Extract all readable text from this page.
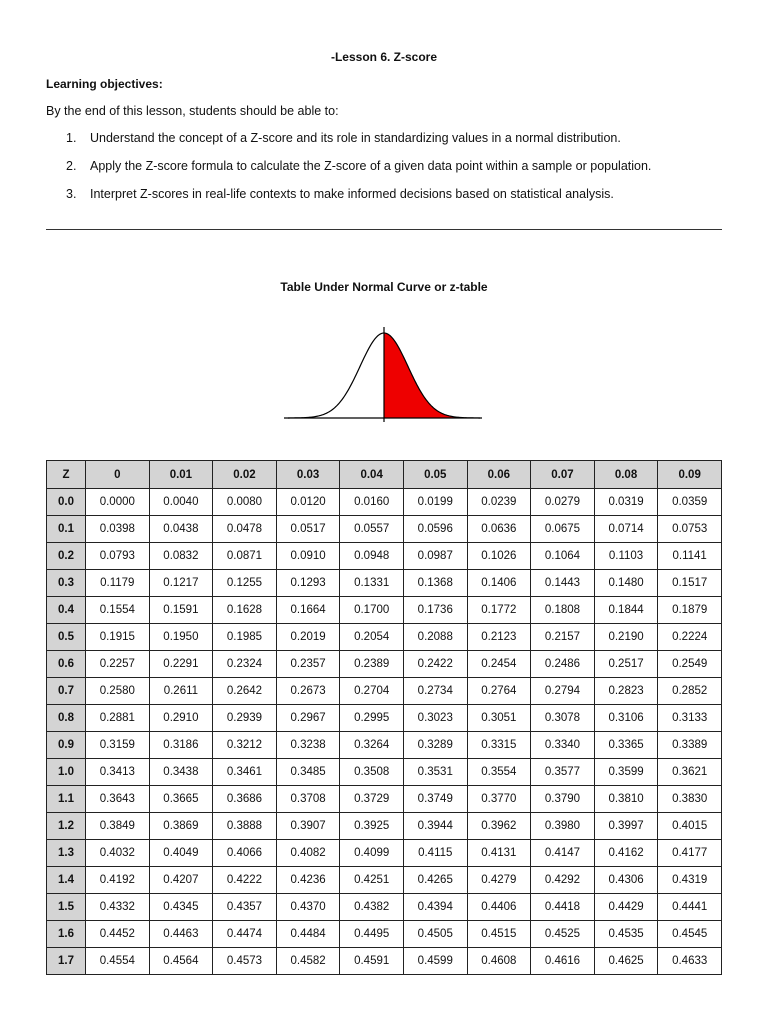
-Lesson 6. Z-score
Learning objectives:
By the end of this lesson, students should be able to:
1.	Understand the concept of a Z-score and its role in standardizing values in a normal distribution.
2.	Apply the Z-score formula to calculate the Z-score of a given data point within a sample or population.
3.	Interpret Z-scores in real-life contexts to make informed decisions based on statistical analysis.
Table Under Normal Curve or z-table
Z	0	0.01	0.02	0.03	0.04	0.05	0.06	0.07	0.08	0.09
0.0	0.0000	0.0040	0.0080	0.0120	0.0160	0.0199	0.0239	0.0279	0.0319	0.0359
0.1	0.0398	0.0438	0.0478	0.0517	0.0557	0.0596	0.0636	0.0675	0.0714	0.0753
0.2	0.0793	0.0832	0.0871	0.0910	0.0948	0.0987	0.1026	0.1064	0.1103	0.1141
0.3	0.1179	0.1217	0.1255	0.1293	0.1331	0.1368	0.1406	0.1443	0.1480	0.1517
0.4	0.1554	0.1591	0.1628	0.1664	0.1700	0.1736	0.1772	0.1808	0.1844	0.1879
0.5	0.1915	0.1950	0.1985	0.2019	0.2054	0.2088	0.2123	0.2157	0.2190	0.2224
0.6	0.2257	0.2291	0.2324	0.2357	0.2389	0.2422	0.2454	0.2486	0.2517	0.2549
0.7	0.2580	0.2611	0.2642	0.2673	0.2704	0.2734	0.2764	0.2794	0.2823	0.2852
0.8	0.2881	0.2910	0.2939	0.2967	0.2995	0.3023	0.3051	0.3078	0.3106	0.3133
0.9	0.3159	0.3186	0.3212	0.3238	0.3264	0.3289	0.3315	0.3340	0.3365	0.3389
1.0	0.3413	0.3438	0.3461	0.3485	0.3508	0.3531	0.3554	0.3577	0.3599	0.3621
1.1	0.3643	0.3665	0.3686	0.3708	0.3729	0.3749	0.3770	0.3790	0.3810	0.3830
1.2	0.3849	0.3869	0.3888	0.3907	0.3925	0.3944	0.3962	0.3980	0.3997	0.4015
1.3	0.4032	0.4049	0.4066	0.4082	0.4099	0.4115	0.4131	0.4147	0.4162	0.4177
1.4	0.4192	0.4207	0.4222	0.4236	0.4251	0.4265	0.4279	0.4292	0.4306	0.4319
1.5	0.4332	0.4345	0.4357	0.4370	0.4382	0.4394	0.4406	0.4418	0.4429	0.4441
1.6	0.4452	0.4463	0.4474	0.4484	0.4495	0.4505	0.4515	0.4525	0.4535	0.4545
1.7	0.4554	0.4564	0.4573	0.4582	0.4591	0.4599	0.4608	0.4616	0.4625	0.4633
